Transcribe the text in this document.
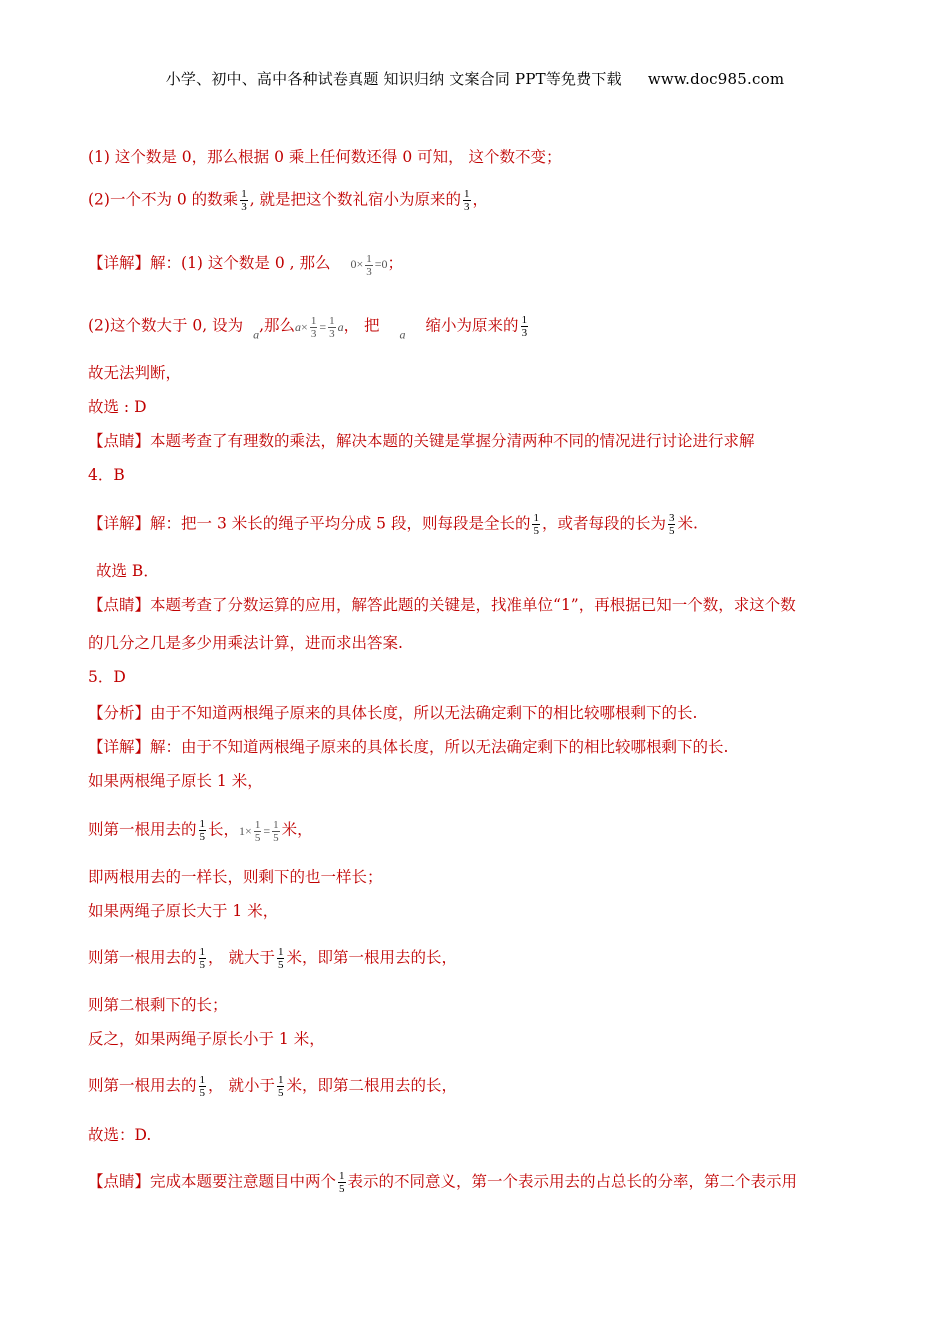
小学、初中、高中各种试卷真题 知识归纳 文案合同 PPT等免费下载 www.doc985.com
(1) 这个数是 0，那么根据 0 乘上任何数还得 0 可知， 这个数不变；
(2)一个不为 0 的数乘 $\frac{1}{3}$ , 就是把这个数礼宿小为原来的 $\frac{1}{3}$ ，
【详解】解：(1) 这个数是 0 , 那么 $0\times \frac{1}{3} =0$；
(2)这个数大于 0, 设为 $_a$,那么$a\times \frac{1}{3} = \frac{1}{3}$ a， 把 $_a$ 缩小为原来的 $\frac{1}{3}$
故无法判断，
故选 : D
【点睛】本题考查了有理数的乘法，解决本题的关键是掌握分清两种不同的情况进行讨论进行求解
4．B
【详解】解：把一 3 米长的绳子平均分成 5 段，则每段是全长的 $\frac{1}{5}$ ，或者每段的长为 $\frac{3}{5}$ 米.
故选 B．
【点睛】本题考查了分数运算的应用，解答此题的关键是，找准单位“1”，再根据已知一个数，求这个数
的几分之几是多少用乘法计算，进而求出答案.
5．D
【分析】由于不知道两根绳子原来的具体长度，所以无法确定剩下的相比较哪根剩下的长.
【详解】解：由于不知道两根绳子原来的具体长度，所以无法确定剩下的相比较哪根剩下的长.
如果两根绳子原长 1 米，
则第一根用去的 $\frac{1}{5}$ 长，$1\times \frac{1}{5} = \frac{1}{5}$ 米，
即两根用去的一样长，则剩下的也一样长；
如果两绳子原长大于 1 米，
则第一根用去的 $\frac{1}{5}$ ， 就大于 $\frac{1}{5}$ 米，即第一根用去的长，
则第二根剩下的长；
反之，如果两绳子原长小于 1 米，
则第一根用去的 $\frac{1}{5}$ ， 就小于 $\frac{1}{5}$ 米，即第二根用去的长，
故选：D.
【点睛】完成本题要注意题目中两个 $\frac{1}{5}$ 表示的不同意义，第一个表示用去的占总长的分率，第二个表示用
